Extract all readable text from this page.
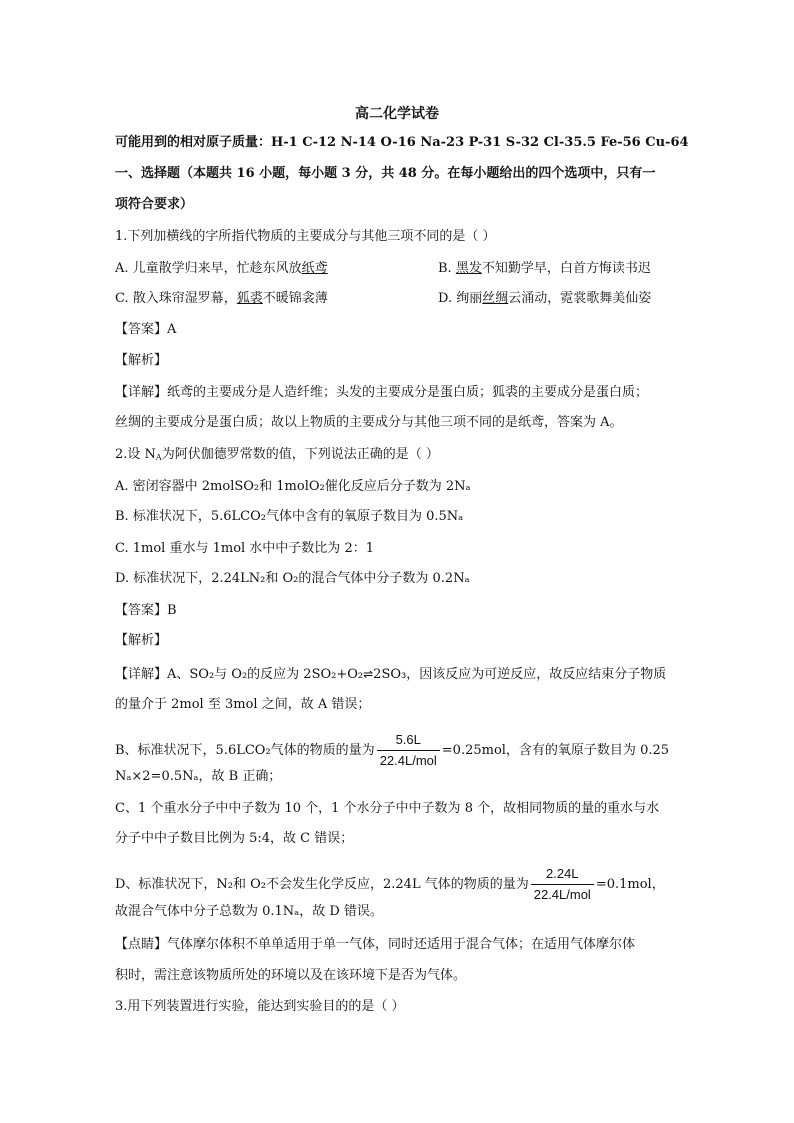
高二化学试卷
可能用到的相对原子质量：H-1 C-12 N-14 O-16 Na-23 P-31 S-32 Cl-35.5 Fe-56 Cu-64
一、选择题（本题共 16 小题，每小题 3 分，共 48 分。在每小题给出的四个选项中，只有一
项符合要求）
1.下列加横线的字所指代物质的主要成分与其他三项不同的是（ ）
A. 儿童散学归来早，忙趁东风放纸鸢	B. 黑发不知勤学早，白首方悔读书迟
C. 散入珠帘湿罗幕，狐裘不暖锦衾薄	D. 绚丽丝绸云涌动，霓裳歌舞美仙姿
【答案】A
【解析】
【详解】纸鸢的主要成分是人造纤维；头发的主要成分是蛋白质；狐裘的主要成分是蛋白质；
丝绸的主要成分是蛋白质；故以上物质的主要成分与其他三项不同的是纸鸢，答案为 A。
2.设 $N_A$为阿伏伽德罗常数的值，下列说法正确的是（ ）
A. 密闭容器中 2molSO₂和 1molO₂催化反应后分子数为 2Nₐ
B. 标准状况下，5.6LCO₂气体中含有的氧原子数目为 0.5Nₐ
C. 1mol 重水与 1mol 水中中子数比为 2：1
D. 标准状况下，2.24LN₂和 O₂的混合气体中分子数为 0.2Nₐ
【答案】B
【解析】
【详解】A、SO₂与 O₂的反应为 2SO₂+O₂⇌2SO₃，因该反应为可逆反应，故反应结束分子物质
的量介于 2mol 至 3mol 之间，故 A 错误；
B、标准状况下，5.6LCO₂气体的物质的量为 $\frac{5.6L}{\text{22.4L/mol}} =0.25mol$，含有的氧原子数目为 0.25
Nₐ×2=0.5Nₐ，故 B 正确；
C、1 个重水分子中中子数为 10 个，1 个水分子中中子数为 8 个，故相同物质的量的重水与水
分子中中子数目比例为 5:4，故 C 错误；
D、标准状况下，N₂和 O₂不会发生化学反应，2.24L 气体的物质的量为 $\frac{2.24L}{\text{22.4L/mol}} =0.1mol$，
故混合气体中分子总数为 0.1Nₐ，故 D 错误。
【点睛】气体摩尔体积不单单适用于单一气体，同时还适用于混合气体；在适用气体摩尔体
积时，需注意该物质所处的环境以及在该环境下是否为气体。
3.用下列装置进行实验，能达到实验目的的是（ ）
